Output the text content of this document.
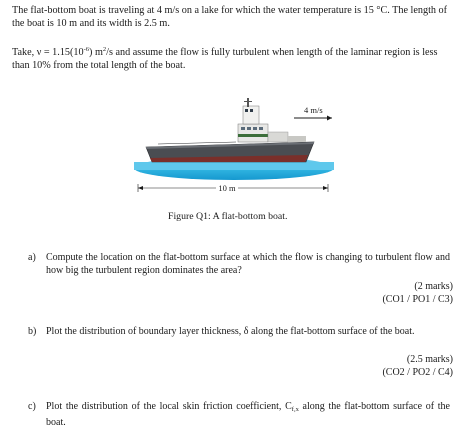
The flat-bottom boat is traveling at 4 m/s on a lake for which the water temperature is 15 °C. The length of the boat is 10 m and its width is 2.5 m.

Take, $\nu = 1.15(10^{-6})$ $m^2/s$ and assume the flow is fully turbulent when length of the laminar region is less than 10% from the total length of the boat.

10 m
4 m/s
Figure Q1: A flat-bottom boat.
a) Compute the location on the flat-bottom surface at which the flow is changing to turbulent flow and how big the turbulent region dominates the area?
(2 marks)
(CO1 / PO1 / C3)
b) Plot the distribution of boundary layer thickness, δ along the flat-bottom surface of the boat.
(2.5 marks)
(CO2 / PO2 / C4)
c) Plot the distribution of the local skin friction coefficient, $C_{f,x}$ along the flat-bottom surface of the boat.
